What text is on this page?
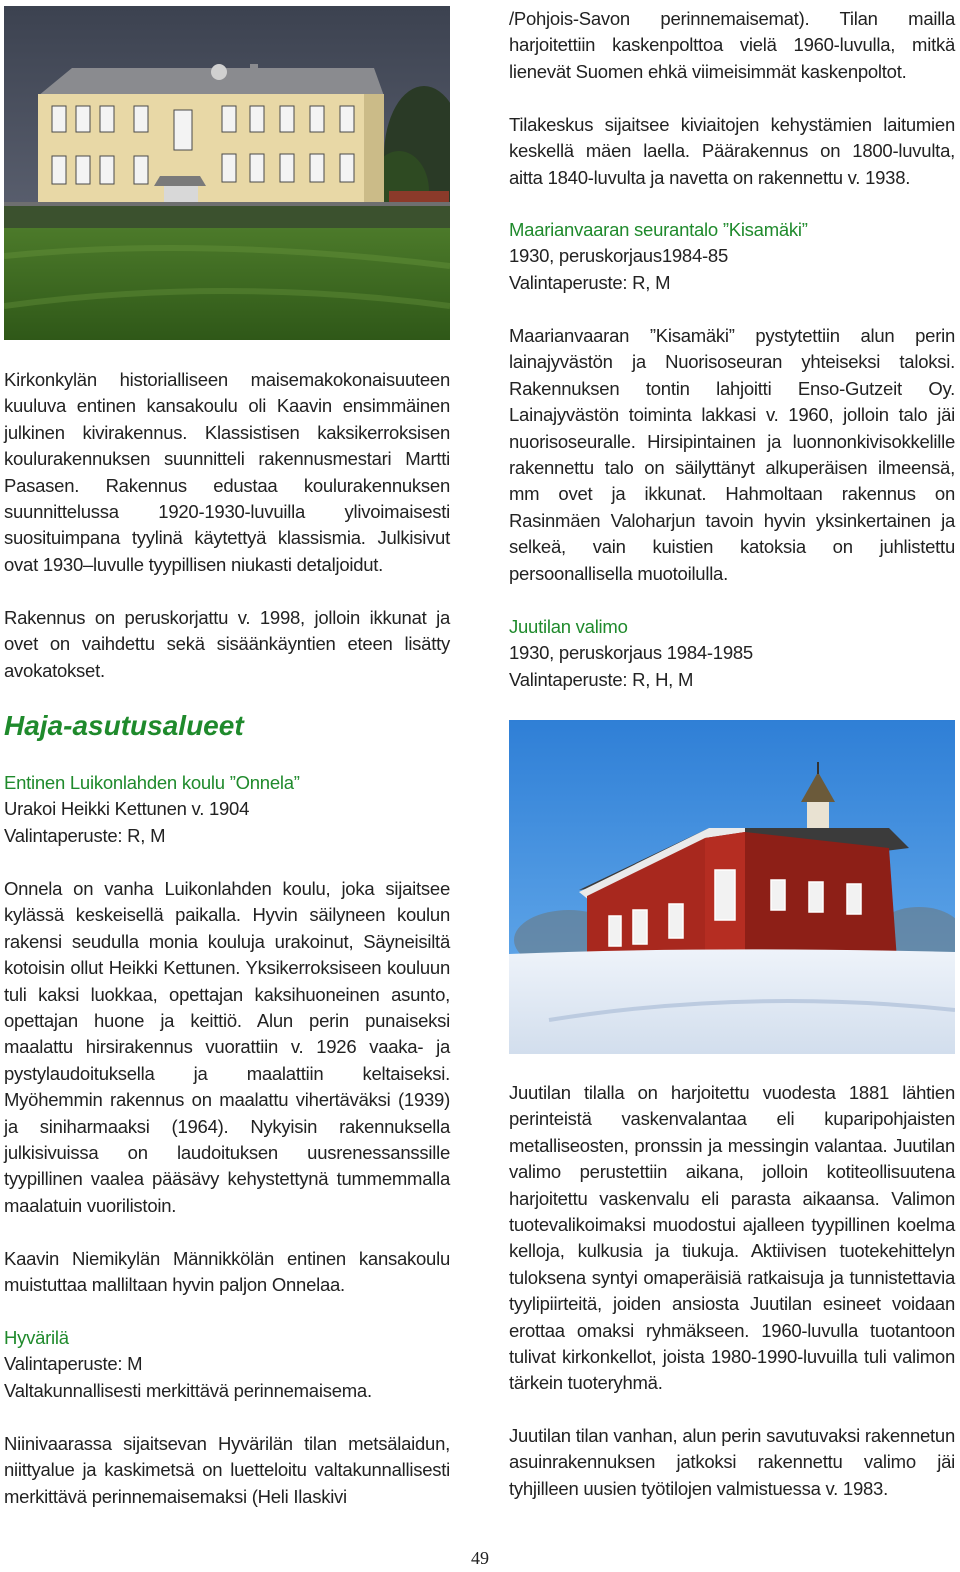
Kirkonkylän historialliseen maisemakokonaisuuteen kuuluva entinen kansakoulu oli Kaavin ensimmäinen julkinen kivirakennus. Klassistisen kaksikerroksisen koulurakennuksen suunnitteli rakennusmestari Martti Pasasen. Rakennus edustaa koulurakennuksen suunnittelussa 1920-1930-luvuilla ylivoimaisesti suosituimpana tyylinä käytettyä klassismia. Julkisivut ovat 1930–luvulle tyypillisen niukasti detaljoidut.

Rakennus on peruskorjattu v. 1998, jolloin ikkunat ja ovet on vaihdettu sekä sisäänkäyntien eteen lisätty avokatokset.

Haja-asutusalueet

Entinen Luikonlahden koulu ”Onnela”

Urakoi Heikki Kettunen v. 1904

Valintaperuste: R, M

Onnela on vanha Luikonlahden koulu, joka sijaitsee kylässä keskeisellä paikalla. Hyvin säilyneen koulun rakensi seudulla monia kouluja urakoinut, Säyneisiltä kotoisin ollut Heikki Kettunen. Yksikerroksiseen kouluun tuli kaksi luokkaa, opettajan kaksihuoneinen asunto, opettajan huone ja keittiö. Alun perin punaiseksi maalattu hirsirakennus vuorattiin v. 1926 vaaka- ja pystylaudoituksella ja maalattiin keltaiseksi. Myöhemmin rakennus on maalattu vihertäväksi (1939) ja siniharmaaksi (1964). Nykyisin rakennuksella julkisivuissa on laudoituksen uusrenessanssille tyypillinen vaalea pääsävy kehystettynä tummemmalla maalatuin vuorilistoin.

Kaavin Niemikylän Männikkölän entinen kansakoulu muistuttaa malliltaan hyvin paljon Onnelaa.

Hyvärilä

Valintaperuste: M

Valtakunnallisesti merkittävä perinnemaisema.

Niinivaarassa sijaitsevan Hyvärilän tilan metsälaidun, niittyalue ja kaskimetsä on luetteloitu valtakunnallisesti merkittävä perinnemaisemaksi (Heli Ilaskivi

/Pohjois-Savon perinnemaisemat). Tilan mailla harjoitettiin kaskenpolttoa vielä 1960-luvulla, mitkä lienevät Suomen ehkä viimeisimmät kaskenpoltot.

Tilakeskus sijaitsee kiviaitojen kehystämien laitumien keskellä mäen laella. Päärakennus on 1800-luvulta, aitta 1840-luvulta ja navetta on rakennettu v. 1938.

Maarianvaaran seurantalo ”Kisamäki”

1930, peruskorjaus1984-85

Valintaperuste: R, M

Maarianvaaran ”Kisamäki” pystytettiin alun perin lainajyvästön ja Nuorisoseuran yhteiseksi taloksi. Rakennuksen tontin lahjoitti Enso-Gutzeit Oy. Lainajyvästön toiminta lakkasi v. 1960, jolloin talo jäi nuorisoseuralle. Hirsipintainen ja luonnonkivisokkelille rakennettu talo on säilyttänyt alkuperäisen ilmeensä, mm ovet ja ikkunat. Hahmoltaan rakennus on Rasinmäen Valoharjun tavoin hyvin yksinkertainen ja selkeä, vain kuistien katoksia on juhlistettu persoonallisella muotoilulla.

Juutilan valimo

1930, peruskorjaus 1984-1985

Valintaperuste: R, H, M

Juutilan tilalla on harjoitettu vuodesta 1881 lähtien perinteistä vaskenvalantaa eli kuparipohjaisten metalliseosten, pronssin ja messingin valantaa. Juutilan valimo perustettiin aikana, jolloin kotiteollisuutena harjoitettu vaskenvalu eli parasta aikaansa. Valimon tuotevalikoimaksi muodostui ajalleen tyypillinen koelma kelloja, kulkusia ja tiukuja. Aktiivisen tuotekehittelyn tuloksena syntyi omaperäisiä ratkaisuja ja tunnistettavia tyylipiirteitä, joiden ansiosta Juutilan esineet voidaan erottaa omaksi ryhmäkseen. 1960-luvulla tuotantoon tulivat kirkonkellot, joista 1980-1990-luvuilla tuli valimon tärkein tuoteryhmä.

Juutilan tilan vanhan, alun perin savutuvaksi rakennetun asuinrakennuksen jatkoksi rakennettu valimo jäi tyhjilleen uusien työtilojen valmistuessa v. 1983.

49
